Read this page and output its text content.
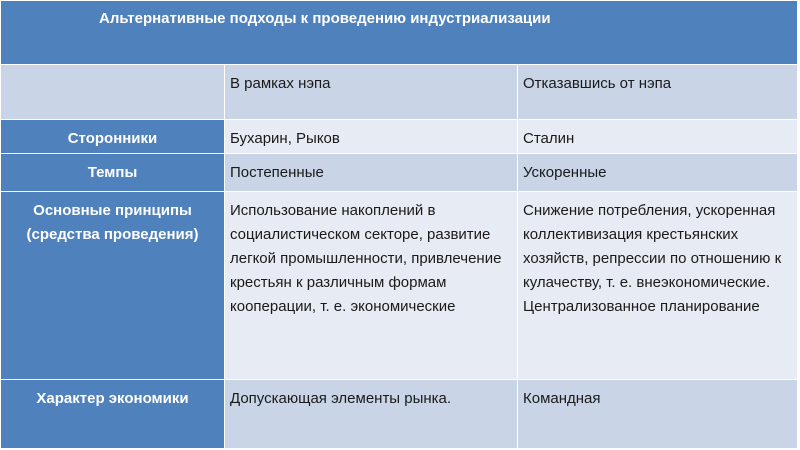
Альтернативные подходы к проведению индустриализации		
	В рамках нэпа	Отказавшись от нэпа
Сторонники	Бухарин, Рыков	Сталин
Темпы	Постепенные	Ускоренные
Основные принципы (средства проведения)	Использование накоплений в социалистическом секторе, развитие легкой промышленности, привлечение крестьян к различным формам кооперации, т. е. экономические	Снижение потребления, ускоренная коллективизация крестьянских хозяйств, репрессии по отношению к кулачеству, т. е. внеэкономические. Централизованное планирование
Характер экономики	Допускающая элементы рынка.	Командная
